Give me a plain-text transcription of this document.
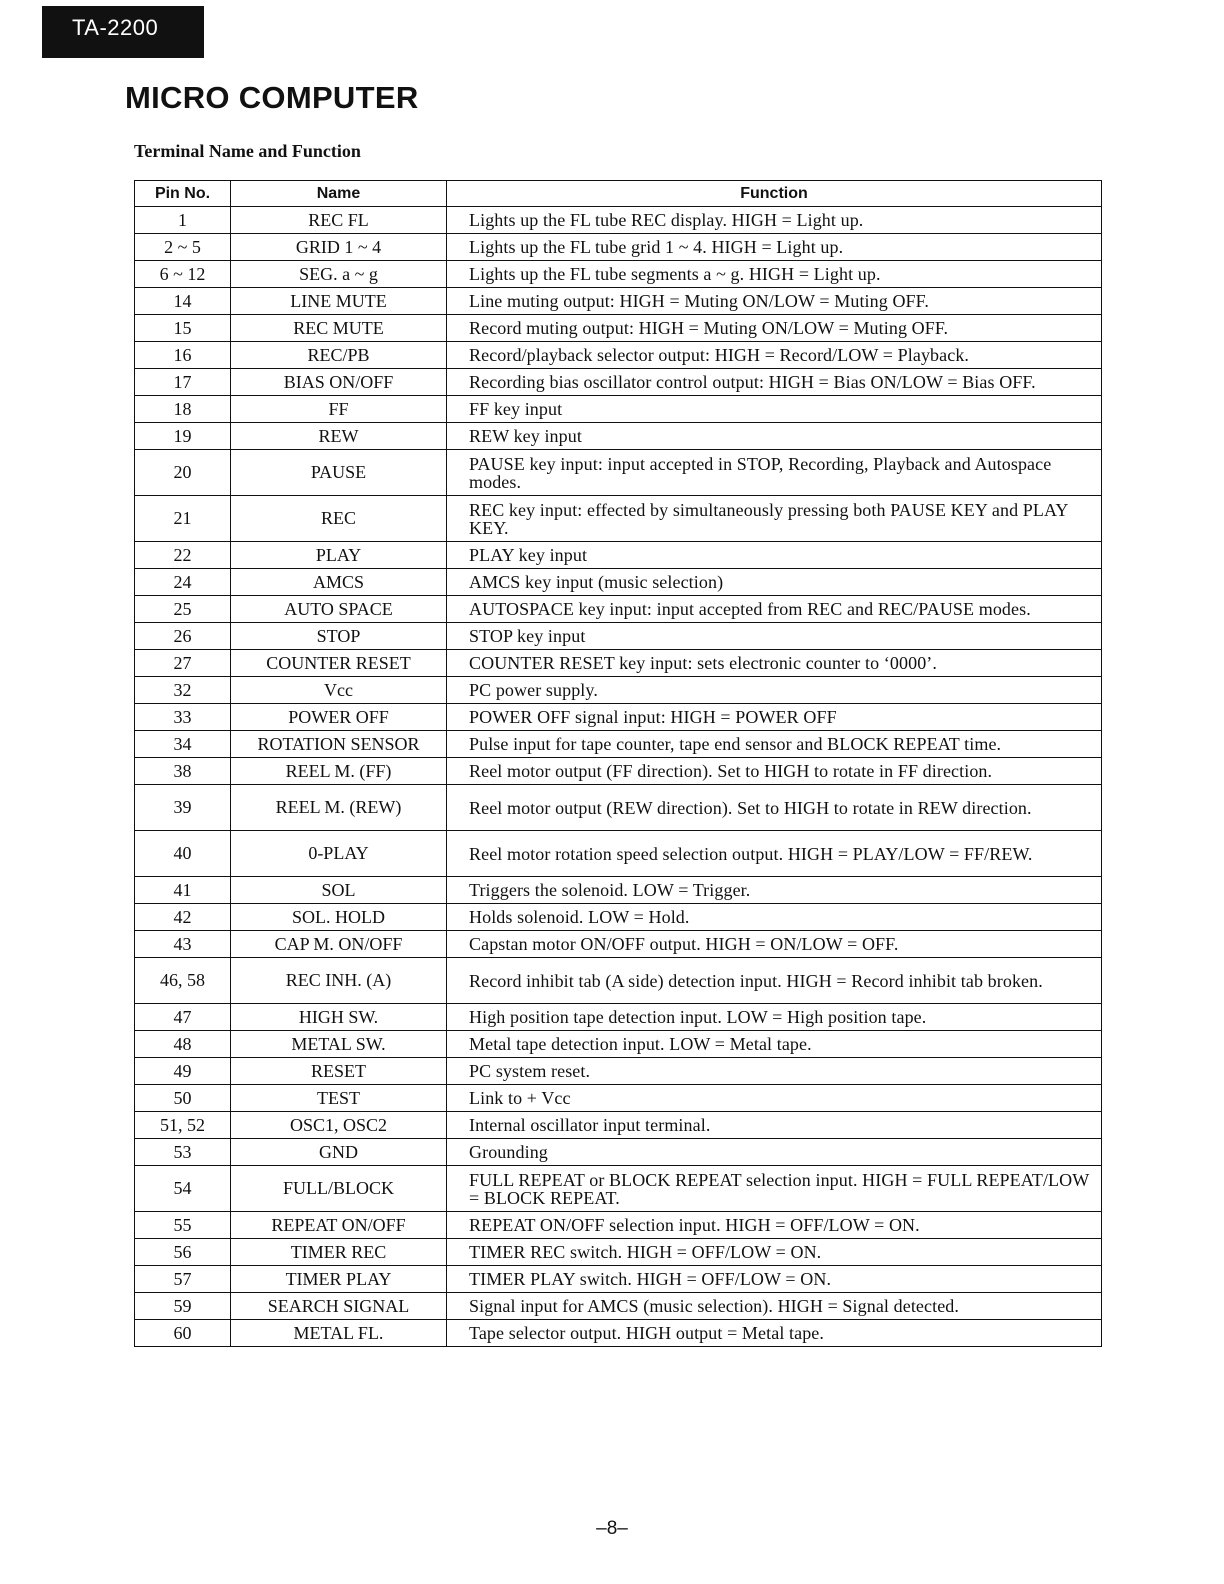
TA-2200
MICRO COMPUTER
Terminal Name and Function
Pin No.	Name	Function
1	REC FL	Lights up the FL tube REC display. HIGH = Light up.
2 ~ 5	GRID 1 ~ 4	Lights up the FL tube grid 1 ~ 4. HIGH = Light up.
6 ~ 12	SEG. a ~ g	Lights up the FL tube segments a ~ g. HIGH = Light up.
14	LINE MUTE	Line muting output: HIGH = Muting ON/LOW = Muting OFF.
15	REC MUTE	Record muting output: HIGH = Muting ON/LOW = Muting OFF.
16	REC/PB	Record/playback selector output: HIGH = Record/LOW = Playback.
17	BIAS ON/OFF	Recording bias oscillator control output: HIGH = Bias ON/LOW = Bias OFF.
18	FF	FF key input
19	REW	REW key input
20	PAUSE	PAUSE key input: input accepted in STOP, Recording, Playback and Autospace modes.
21	REC	REC key input: effected by simultaneously pressing both PAUSE KEY and PLAY KEY.
22	PLAY	PLAY key input
24	AMCS	AMCS key input (music selection)
25	AUTO SPACE	AUTOSPACE key input: input accepted from REC and REC/PAUSE modes.
26	STOP	STOP key input
27	COUNTER RESET	COUNTER RESET key input: sets electronic counter to ‘0000’.
32	Vcc	PC power supply.
33	POWER OFF	POWER OFF signal input: HIGH = POWER OFF
34	ROTATION SENSOR	Pulse input for tape counter, tape end sensor and BLOCK REPEAT time.
38	REEL M. (FF)	Reel motor output (FF direction). Set to HIGH to rotate in FF direction.
39	REEL M. (REW)	Reel motor output (REW direction). Set to HIGH to rotate in REW direction.
40	0-PLAY	Reel motor rotation speed selection output. HIGH = PLAY/LOW = FF/REW.
41	SOL	Triggers the solenoid. LOW = Trigger.
42	SOL. HOLD	Holds solenoid. LOW = Hold.
43	CAP M. ON/OFF	Capstan motor ON/OFF output. HIGH = ON/LOW = OFF.
46, 58	REC INH. (A)	Record inhibit tab (A side) detection input. HIGH = Record inhibit tab broken.
47	HIGH SW.	High position tape detection input. LOW = High position tape.
48	METAL SW.	Metal tape detection input. LOW = Metal tape.
49	RESET	PC system reset.
50	TEST	Link to + Vcc
51, 52	OSC1, OSC2	Internal oscillator input terminal.
53	GND	Grounding
54	FULL/BLOCK	FULL REPEAT or BLOCK REPEAT selection input. HIGH = FULL REPEAT/LOW = BLOCK REPEAT.
55	REPEAT ON/OFF	REPEAT ON/OFF selection input. HIGH = OFF/LOW = ON.
56	TIMER REC	TIMER REC switch. HIGH = OFF/LOW = ON.
57	TIMER PLAY	TIMER PLAY switch. HIGH = OFF/LOW = ON.
59	SEARCH SIGNAL	Signal input for AMCS (music selection). HIGH = Signal detected.
60	METAL FL.	Tape selector output. HIGH output = Metal tape.
–8–
